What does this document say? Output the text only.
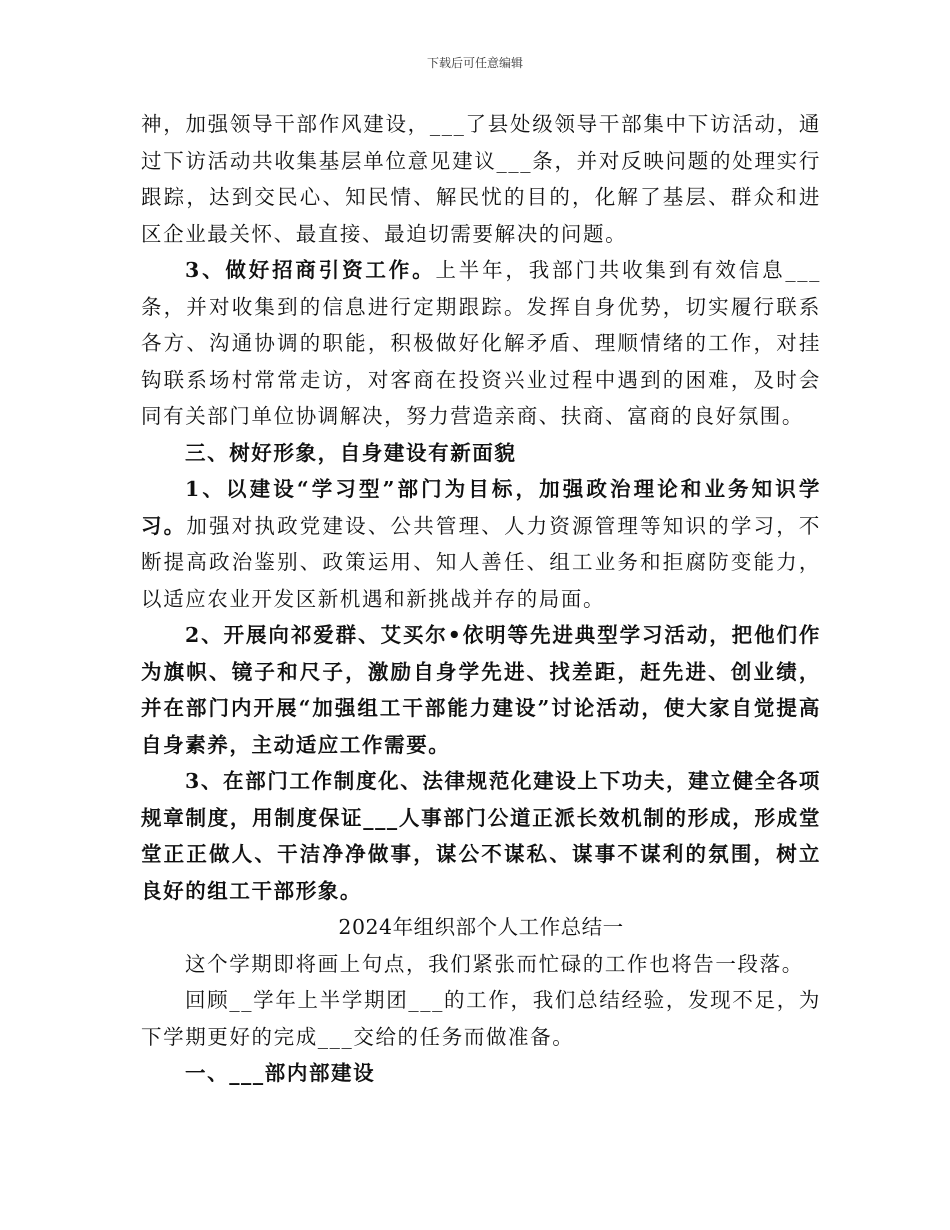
下载后可任意编辑

神，加强领导干部作风建设，___了县处级领导干部集中下访活动，通过下访活动共收集基层单位意见建议___条，并对反映问题的处理实行跟踪，达到交民心、知民情、解民忧的目的，化解了基层、群众和进区企业最关怀、最直接、最迫切需要解决的问题。

3、做好招商引资工作。上半年，我部门共收集到有效信息___条，并对收集到的信息进行定期跟踪。发挥自身优势，切实履行联系各方、沟通协调的职能，积极做好化解矛盾、理顺情绪的工作，对挂钩联系场村常常走访，对客商在投资兴业过程中遇到的困难，及时会同有关部门单位协调解决，努力营造亲商、扶商、富商的良好氛围。

三、树好形象，自身建设有新面貌

1、以建设“学习型”部门为目标，加强政治理论和业务知识学习。加强对执政党建设、公共管理、人力资源管理等知识的学习，不断提高政治鉴别、政策运用、知人善任、组工业务和拒腐防变能力，以适应农业开发区新机遇和新挑战并存的局面。

2、开展向祁爱群、艾买尔•依明等先进典型学习活动，把他们作为旗帜、镜子和尺子，激励自身学先进、找差距，赶先进、创业绩，并在部门内开展“加强组工干部能力建设”讨论活动，使大家自觉提高自身素养，主动适应工作需要。

3、在部门工作制度化、法律规范化建设上下功夫，建立健全各项规章制度，用制度保证___人事部门公道正派长效机制的形成，形成堂堂正正做人、干洁净净做事，谋公不谋私、谋事不谋利的氛围，树立良好的组工干部形象。

2024年组织部个人工作总结一

这个学期即将画上句点，我们紧张而忙碌的工作也将告一段落。

回顾__学年上半学期团___的工作，我们总结经验，发现不足，为下学期更好的完成___交给的任务而做准备。

一、___部内部建设
